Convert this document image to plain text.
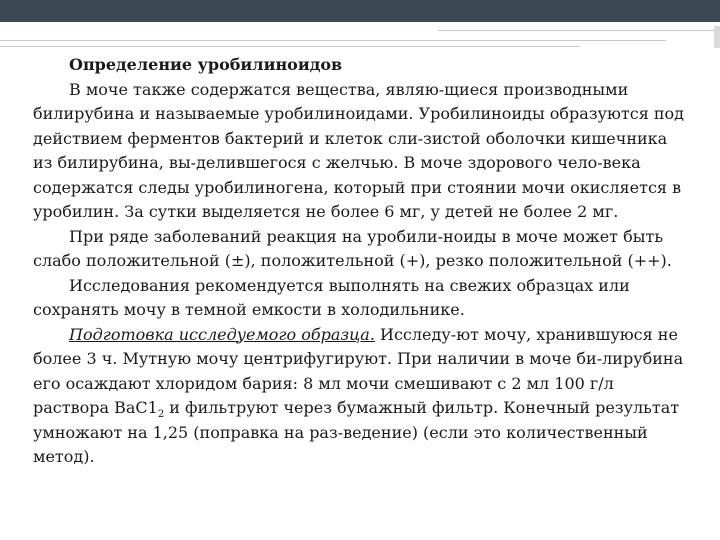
Определение уробилиноидов

В моче также содержатся вещества, являю-щиеся производными билирубина и называемые уробилиноидами. Уробилиноиды образуются под действием ферментов бактерий и клеток сли-зистой оболочки кишечника из билирубина, вы-делившегося с желчью. В моче здорового чело-века содержатся следы уробилиногена, который при стоянии мочи окисляется в уробилин. За сутки выделяется не более 6 мг, у детей не более 2 мг.

При ряде заболеваний реакция на уробили-ноиды в моче может быть слабо положительной (±), положительной (+), резко положительной (++).

Исследования рекомендуется выполнять на свежих образцах или сохранять мочу в темной емкости в холодильнике.

Подготовка исследуемого образца. Исследу-ют мочу, хранившуюся не более 3 ч. Мутную мочу центрифугируют. При наличии в моче би-лирубина его осаждают хлоридом бария: 8 мл мочи смешивают с 2 мл 100 г/л раствора $BaC1_2$ и фильтруют через бумажный фильтр. Конечный результат умножают на 1,25 (поправка на раз-ведение) (если это количественный метод).
